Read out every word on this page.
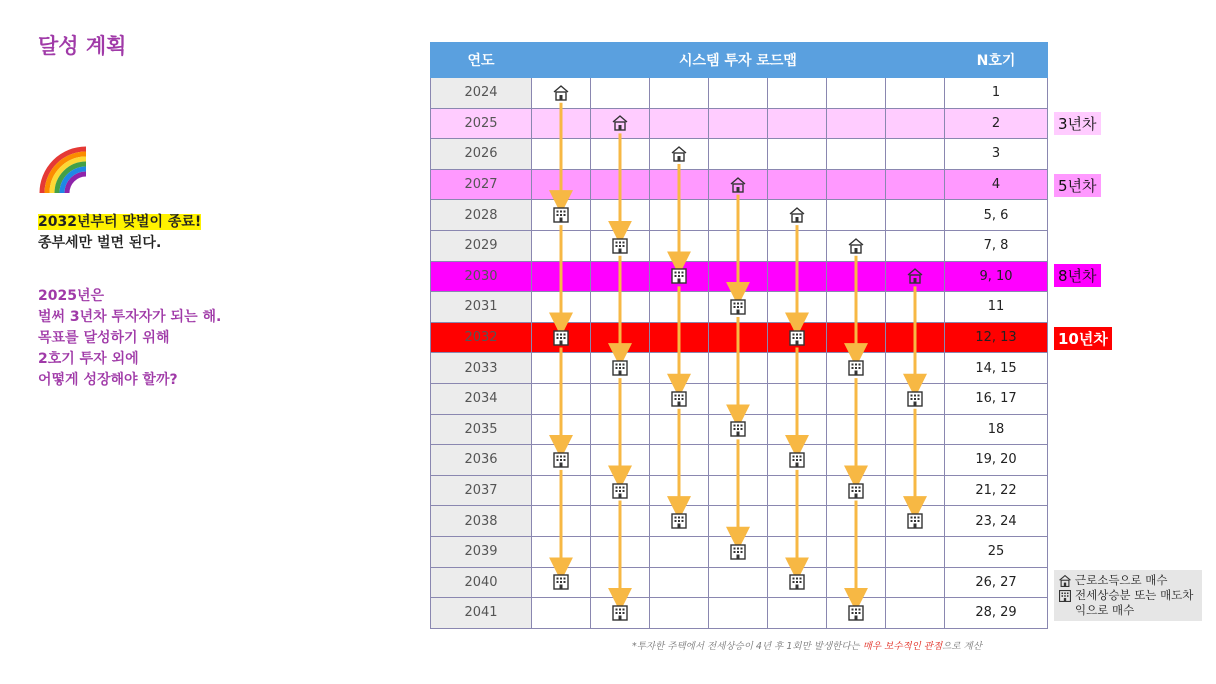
달성 계획
2032년부터 맞벌이 종료!
종부세만 벌면 된다.
2025년은
벌써 3년차 투자자가 되는 해.
목표를 달성하기 위해
2호기 투자 외에
어떻게 성장해야 할까?
연도	시스템 투자 로드맵							N호기
2024								1
2025								2
2026								3
2027								4
2028								5, 6
2029								7, 8
2030								9, 10
2031								11
2032								12, 13
2033								14, 15
2034								16, 17
2035								18
2036								19, 20
2037								21, 22
2038								23, 24
2039								25
2040								26, 27
2041								28, 29
3년차
5년차
8년차
10년차
근로소득으로 매수
전세상승분 또는 매도차익으로 매수
*투자한 주택에서 전세상승이 4년 후 1회만 발생한다는 매우 보수적인 관점으로 계산
